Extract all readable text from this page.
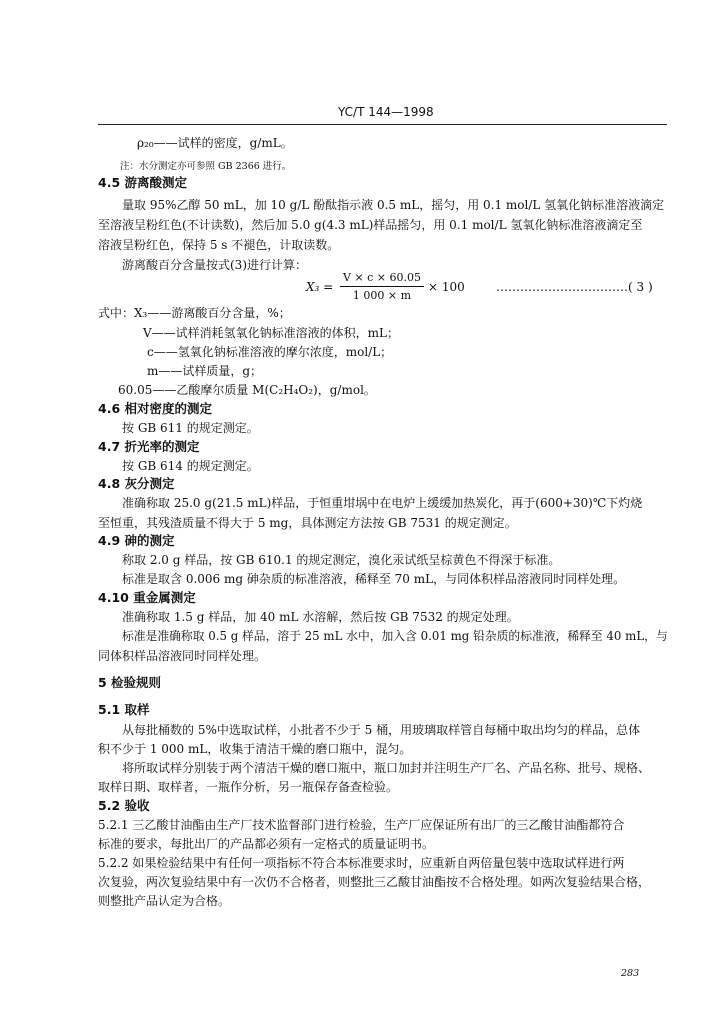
YC/T 144—1998
ρ₂₀——试样的密度，g/mL。
注：水分测定亦可参照 GB 2366 进行。
4.5 游离酸测定
量取 95%乙醇 50 mL，加 10 g/L 酚酞指示液 0.5 mL，摇匀，用 0.1 mol/L 氢氧化钠标准溶液滴定
至溶液呈粉红色(不计读数)，然后加 5.0 g(4.3 mL)样品摇匀，用 0.1 mol/L 氢氧化钠标准溶液滴定至
溶液呈粉红色，保持 5 s 不褪色，计取读数。
游离酸百分含量按式(3)进行计算：
X₃ =
V × c × 60.05
1 000 × m
× 100	……………………………( 3 )
式中：X₃——游离酸百分含量，%；
V——试样消耗氢氧化钠标准溶液的体积，mL；
c——氢氧化钠标准溶液的摩尔浓度，mol/L；
m——试样质量，g；
60.05——乙酸摩尔质量 M(C₂H₄O₂)，g/mol。
4.6 相对密度的测定
按 GB 611 的规定测定。
4.7 折光率的测定
按 GB 614 的规定测定。
4.8 灰分测定
准确称取 25.0 g(21.5 mL)样品，于恒重坩埚中在电炉上缓缓加热炭化，再于(600+30)℃下灼烧
至恒重，其残渣质量不得大于 5 mg，具体测定方法按 GB 7531 的规定测定。
4.9 砷的测定
称取 2.0 g 样品，按 GB 610.1 的规定测定，溴化汞试纸呈棕黄色不得深于标准。
标准是取含 0.006 mg 砷杂质的标准溶液，稀释至 70 mL，与同体积样品溶液同时同样处理。
4.10 重金属测定
准确称取 1.5 g 样品，加 40 mL 水溶解，然后按 GB 7532 的规定处理。
标准是准确称取 0.5 g 样品，溶于 25 mL 水中，加入含 0.01 mg 铅杂质的标准液，稀释至 40 mL，与
同体积样品溶液同时同样处理。
5 检验规则
5.1 取样
从每批桶数的 5%中选取试样，小批者不少于 5 桶，用玻璃取样管自每桶中取出均匀的样品，总体
积不少于 1 000 mL，收集于清洁干燥的磨口瓶中，混匀。
将所取试样分别装于两个清洁干燥的磨口瓶中，瓶口加封并注明生产厂名、产品名称、批号、规格、
取样日期、取样者，一瓶作分析，另一瓶保存备查检验。
5.2 验收
5.2.1 三乙酸甘油酯由生产厂技术监督部门进行检验，生产厂应保证所有出厂的三乙酸甘油酯都符合
标准的要求，每批出厂的产品都必须有一定格式的质量证明书。
5.2.2 如果检验结果中有任何一项指标不符合本标准要求时，应重新自两倍量包装中选取试样进行两
次复验，两次复验结果中有一次仍不合格者，则整批三乙酸甘油酯按不合格处理。如两次复验结果合格，
则整批产品认定为合格。
283
